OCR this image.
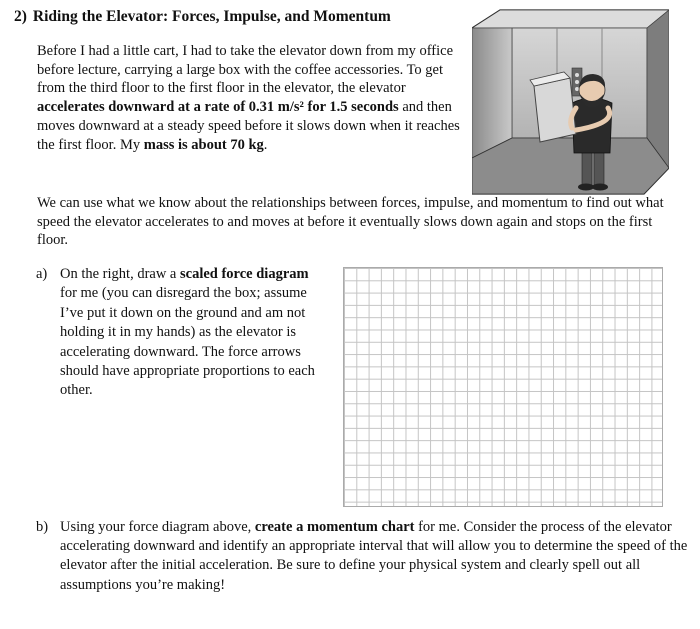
2) Riding the Elevator: Forces, Impulse, and Momentum
Before I had a little cart, I had to take the elevator down from my office before lecture, carrying a large box with the coffee accessories. To get from the third floor to the first floor in the elevator, the elevator accelerates downward at a rate of 0.31 m/s² for 1.5 seconds and then moves downward at a steady speed before it slows down when it reaches the first floor. My mass is about 70 kg.
We can use what we know about the relationships between forces, impulse, and momentum to find out what speed the elevator accelerates to and moves at before it eventually slows down again and stops on the first floor.
a) On the right, draw a scaled force diagram for me (you can disregard the box; assume I’ve put it down on the ground and am not holding it in my hands) as the elevator is accelerating downward. The force arrows should have appropriate proportions to each other.
b) Using your force diagram above, create a momentum chart for me. Consider the process of the elevator accelerating downward and identify an appropriate interval that will allow you to determine the speed of the elevator after the initial acceleration. Be sure to define your physical system and clearly spell out all assumptions you’re making!
